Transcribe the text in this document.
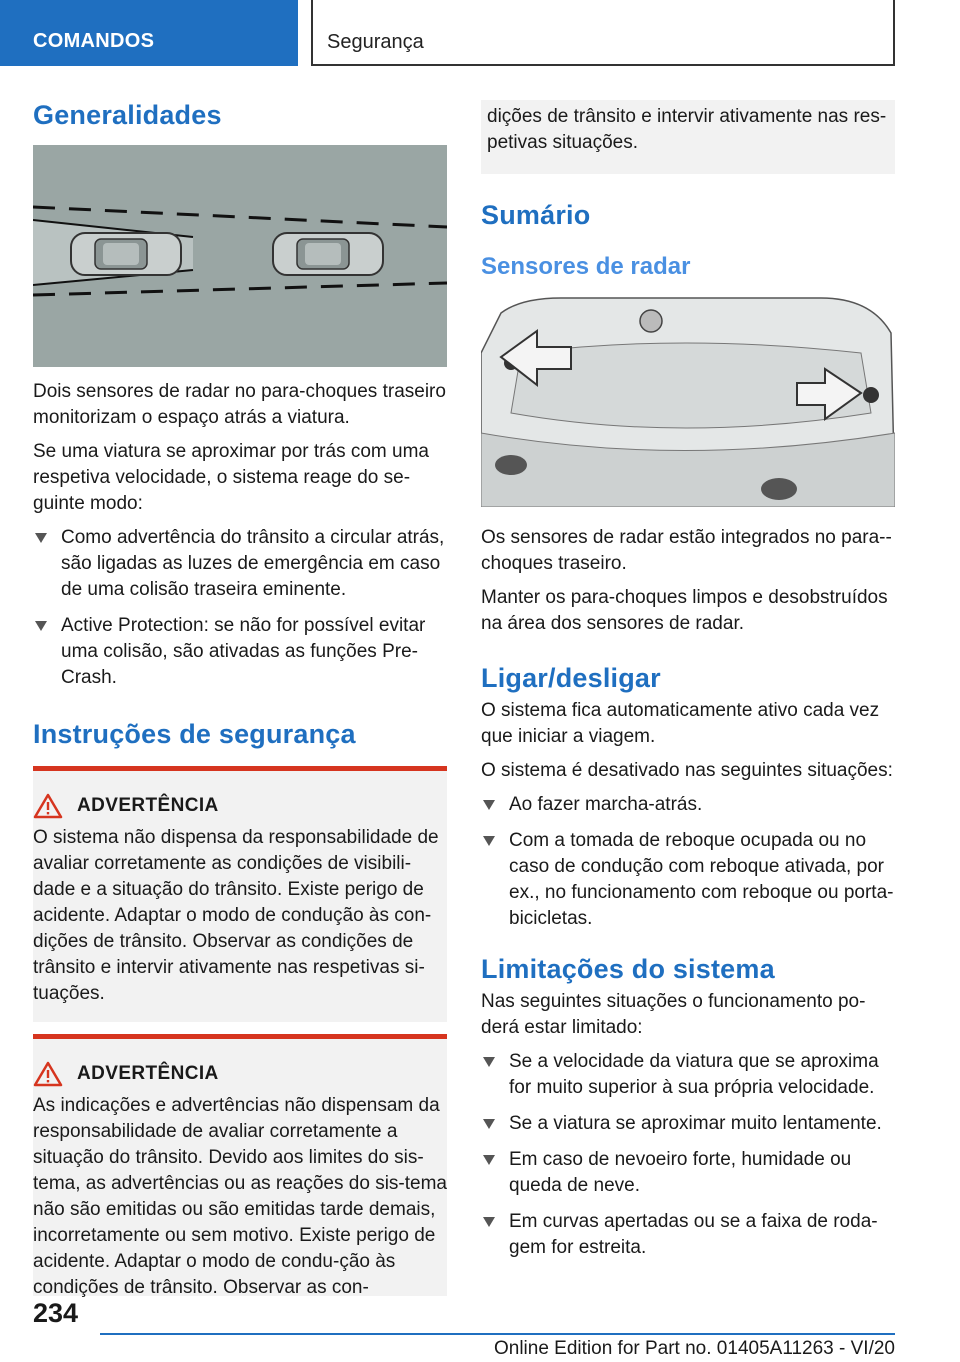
COMANDOS	Segurança
Generalidades

Dois sensores de radar no para-choques traseiro monitorizam o espaço atrás a viatura.

Se uma viatura se aproximar por trás com uma respetiva velocidade, o sistema reage do se-guinte modo:

Como advertência do trânsito a circular atrás, são ligadas as luzes de emergência em caso de uma colisão traseira eminente.
Active Protection: se não for possível evitar uma colisão, são ativadas as funções Pre-Crash.
Instruções de segurança
ADVERTÊNCIA

O sistema não dispensa da responsabilidade de avaliar corretamente as condições de visibili-dade e a situação do trânsito. Existe perigo de acidente. Adaptar o modo de condução às con-dições de trânsito. Observar as condições de trânsito e intervir ativamente nas respetivas si-tuações.

ADVERTÊNCIA

As indicações e advertências não dispensam da responsabilidade de avaliar corretamente a situação do trânsito. Devido aos limites do sis-tema, as advertências ou as reações do sis-tema não são emitidas ou são emitidas tarde demais, incorretamente ou sem motivo. Existe perigo de acidente. Adaptar o modo de condu-ção às condições de trânsito. Observar as con-

dições de trânsito e intervir ativamente nas res-petivas situações.

Sumário
Sensores de radar

Os sensores de radar estão integrados no para--choques traseiro.

Manter os para-choques limpos e desobstruídos na área dos sensores de radar.

Ligar/desligar

O sistema fica automaticamente ativo cada vez que iniciar a viagem.

O sistema é desativado nas seguintes situações:

Ao fazer marcha-atrás.
Com a tomada de reboque ocupada ou no caso de condução com reboque ativada, por ex., no funcionamento com reboque ou porta-bicicletas.
Limitações do sistema

Nas seguintes situações o funcionamento po-derá estar limitado:

Se a velocidade da viatura que se aproxima for muito superior à sua própria velocidade.
Se a viatura se aproximar muito lentamente.
Em caso de nevoeiro forte, humidade ou queda de neve.
Em curvas apertadas ou se a faixa de roda-gem for estreita.
234
Online Edition for Part no. 01405A11263 - VI/20
